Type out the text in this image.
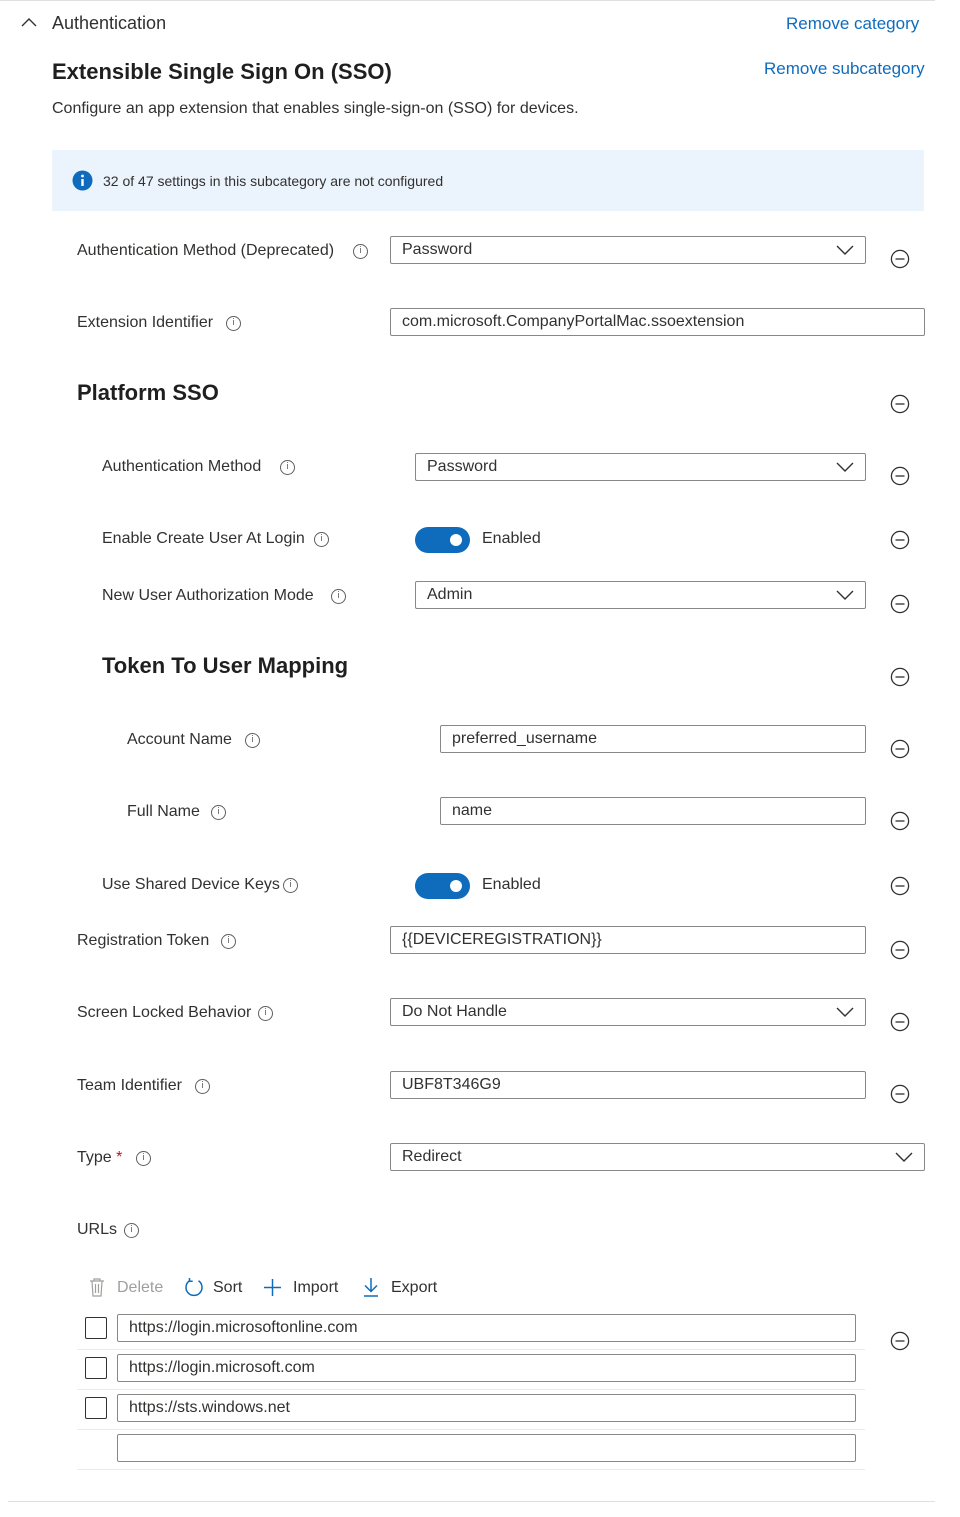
Authentication	Remove category
Extensible Single Sign On (SSO)	Remove subcategory
Configure an app extension that enables single-sign-on (SSO) for devices.
32 of 47 settings in this subcategory are not configured
Authentication Method (Deprecated)	i	Password
Extension Identifier	i	com.microsoft.CompanyPortalMac.ssoextension
Platform SSO
Authentication Method	i	Password
Enable Create User At Login	i	Enabled
New User Authorization Mode	i	Admin
Token To User Mapping
Account Name	i	preferred_username
Full Name	i	name
Use Shared Device Keys	i	Enabled
Registration Token	i	{{DEVICEREGISTRATION}}
Screen Locked Behavior	i	Do Not Handle
Team Identifier	i	UBF8T346G9
Type *	i	Redirect
URLs	i
Delete	Sort	Import	Export
https://login.microsoftonline.com
https://login.microsoft.com
https://sts.windows.net
